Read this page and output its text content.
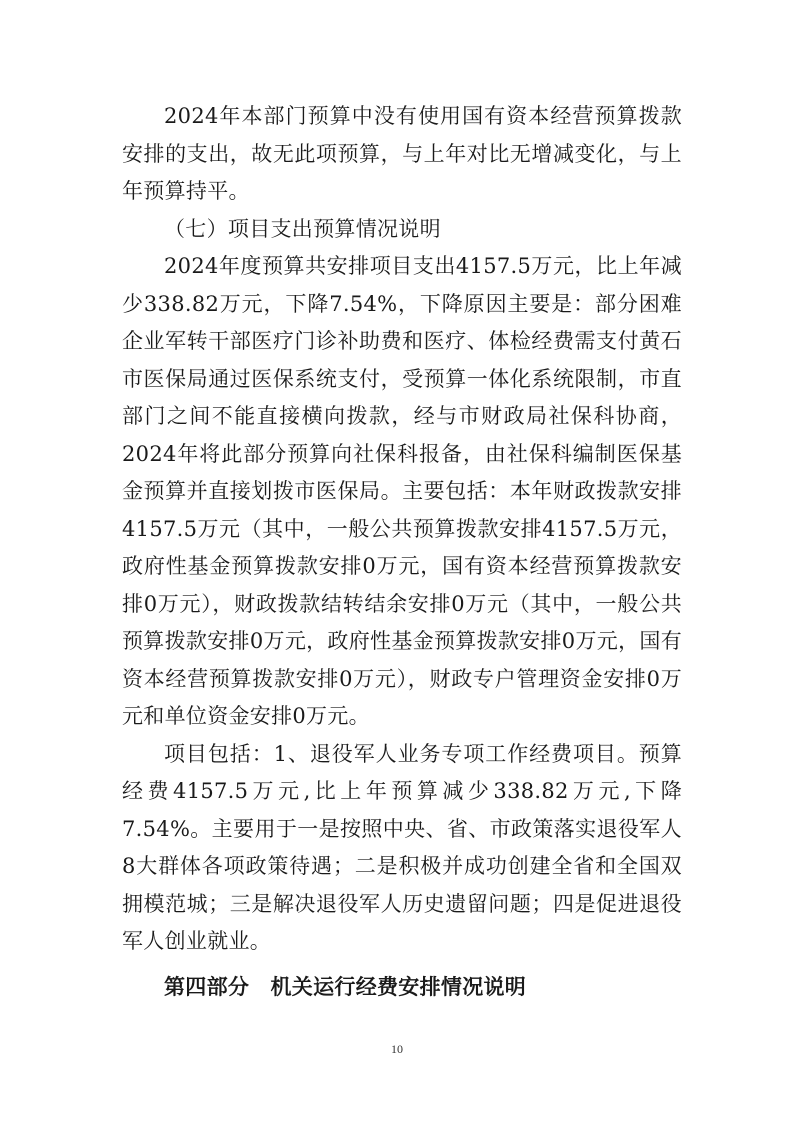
2024年本部门预算中没有使用国有资本经营预算拨款安排的支出，故无此项预算，与上年对比无增减变化，与上年预算持平。

（七）项目支出预算情况说明

2024年度预算共安排项目支出4157.5万元，比上年减少338.82万元，下降7.54%，下降原因主要是：部分困难企业军转干部医疗门诊补助费和医疗、体检经费需支付黄石市医保局通过医保系统支付，受预算一体化系统限制，市直部门之间不能直接横向拨款，经与市财政局社保科协商，2024年将此部分预算向社保科报备，由社保科编制医保基金预算并直接划拨市医保局。主要包括：本年财政拨款安排4157.5万元（其中，一般公共预算拨款安排4157.5万元，政府性基金预算拨款安排0万元，国有资本经营预算拨款安排0万元），财政拨款结转结余安排0万元（其中，一般公共预算拨款安排0万元，政府性基金预算拨款安排0万元，国有资本经营预算拨款安排0万元），财政专户管理资金安排0万元和单位资金安排0万元。

项目包括：1、退役军人业务专项工作经费项目。预算经费4157.5万元,比上年预算减少338.82万元,下降7.54%。主要用于一是按照中央、省、市政策落实退役军人8大群体各项政策待遇；二是积极并成功创建全省和全国双拥模范城；三是解决退役军人历史遗留问题；四是促进退役军人创业就业。

第四部分　机关运行经费安排情况说明

10
